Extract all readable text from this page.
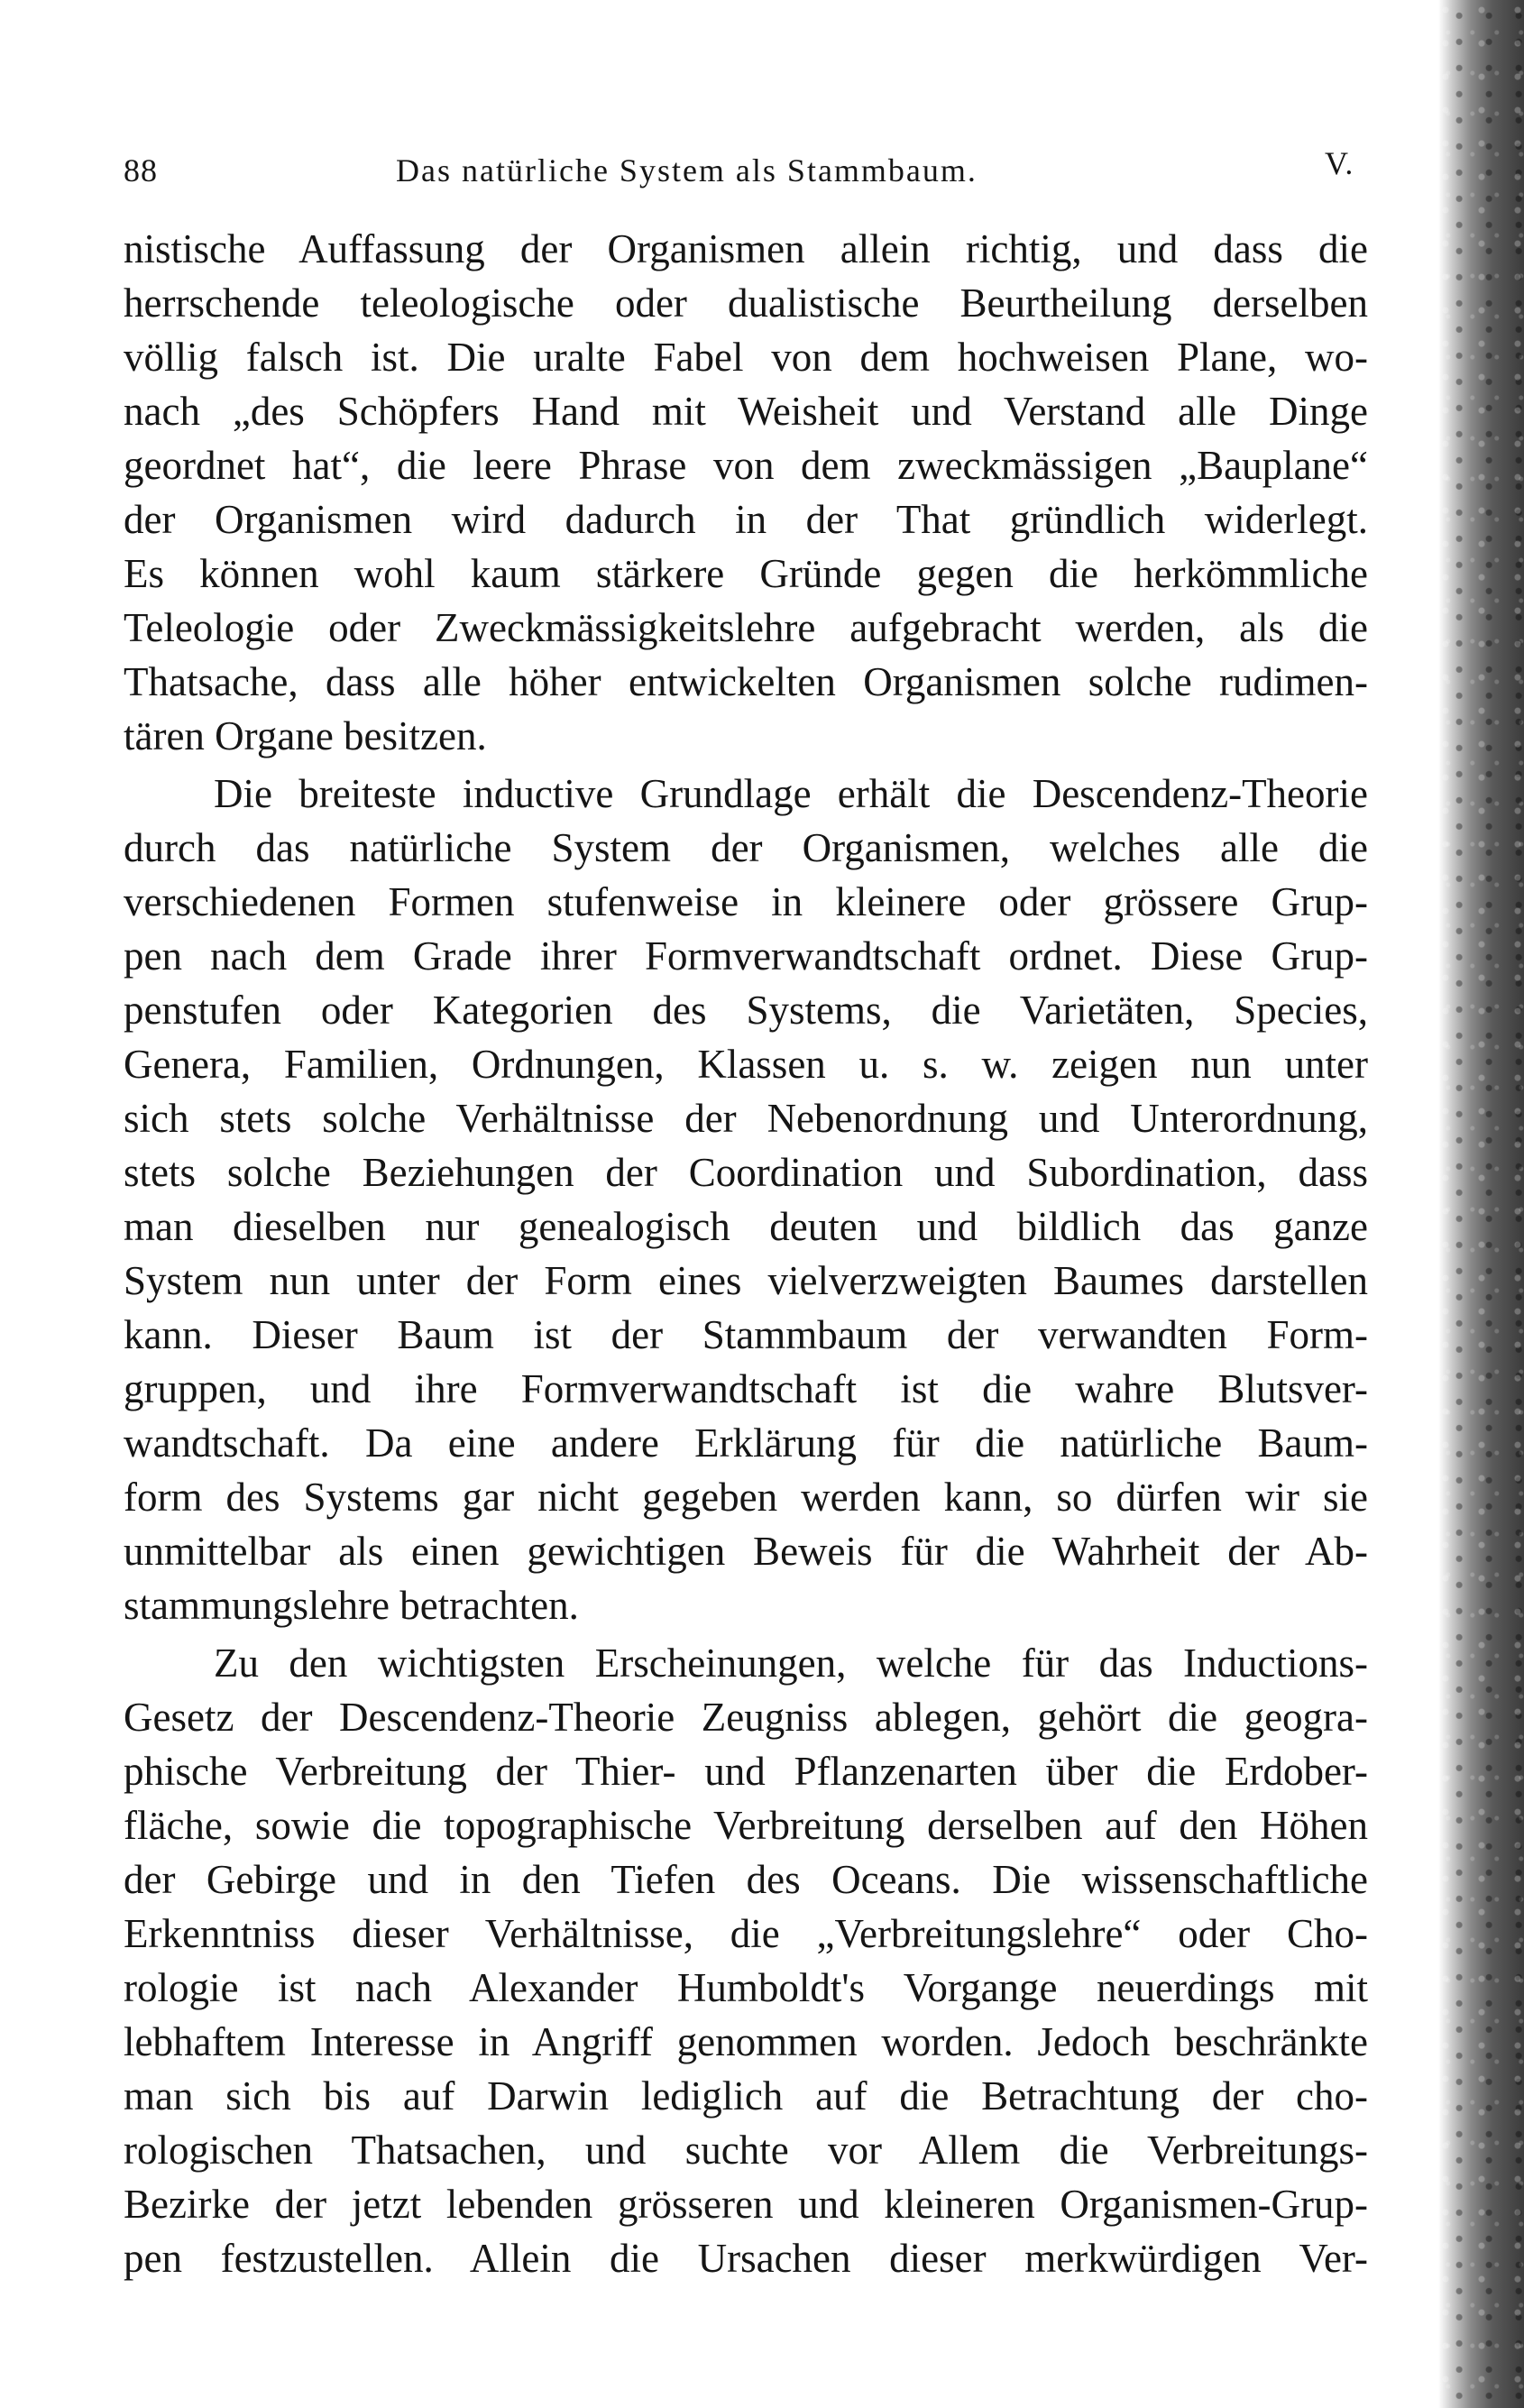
88	Das natürliche System als Stammbaum.	V.
nistische Auffassung der Organismen allein richtig, und dass die
herrschende teleologische oder dualistische Beurtheilung derselben
völlig falsch ist. Die uralte Fabel von dem hochweisen Plane, wo-
nach „des Schöpfers Hand mit Weisheit und Verstand alle Dinge
geordnet hat“, die leere Phrase von dem zweckmässigen „Bauplane“
der Organismen wird dadurch in der That gründlich widerlegt.
Es können wohl kaum stärkere Gründe gegen die herkömmliche
Teleologie oder Zweckmässigkeitslehre aufgebracht werden, als die
Thatsache, dass alle höher entwickelten Organismen solche rudimen-
tären Organe besitzen.
Die breiteste inductive Grundlage erhält die Descendenz-Theorie
durch das natürliche System der Organismen, welches alle die
verschiedenen Formen stufenweise in kleinere oder grössere Grup-
pen nach dem Grade ihrer Formverwandtschaft ordnet. Diese Grup-
penstufen oder Kategorien des Systems, die Varietäten, Species,
Genera, Familien, Ordnungen, Klassen u. s. w. zeigen nun unter
sich stets solche Verhältnisse der Nebenordnung und Unterordnung,
stets solche Beziehungen der Coordination und Subordination, dass
man dieselben nur genealogisch deuten und bildlich das ganze
System nun unter der Form eines vielverzweigten Baumes darstellen
kann. Dieser Baum ist der Stammbaum der verwandten Form-
gruppen, und ihre Formverwandtschaft ist die wahre Blutsver-
wandtschaft. Da eine andere Erklärung für die natürliche Baum-
form des Systems gar nicht gegeben werden kann, so dürfen wir sie
unmittelbar als einen gewichtigen Beweis für die Wahrheit der Ab-
stammungslehre betrachten.
Zu den wichtigsten Erscheinungen, welche für das Inductions-
Gesetz der Descendenz-Theorie Zeugniss ablegen, gehört die geogra-
phische Verbreitung der Thier- und Pflanzenarten über die Erdober-
fläche, sowie die topographische Verbreitung derselben auf den Höhen
der Gebirge und in den Tiefen des Oceans. Die wissenschaftliche
Erkenntniss dieser Verhältnisse, die „Verbreitungslehre“ oder Cho-
rologie ist nach Alexander Humboldt's Vorgange neuerdings mit
lebhaftem Interesse in Angriff genommen worden. Jedoch beschränkte
man sich bis auf Darwin lediglich auf die Betrachtung der cho-
rologischen Thatsachen, und suchte vor Allem die Verbreitungs-
Bezirke der jetzt lebenden grösseren und kleineren Organismen-Grup-
pen festzustellen. Allein die Ursachen dieser merkwürdigen Ver-
